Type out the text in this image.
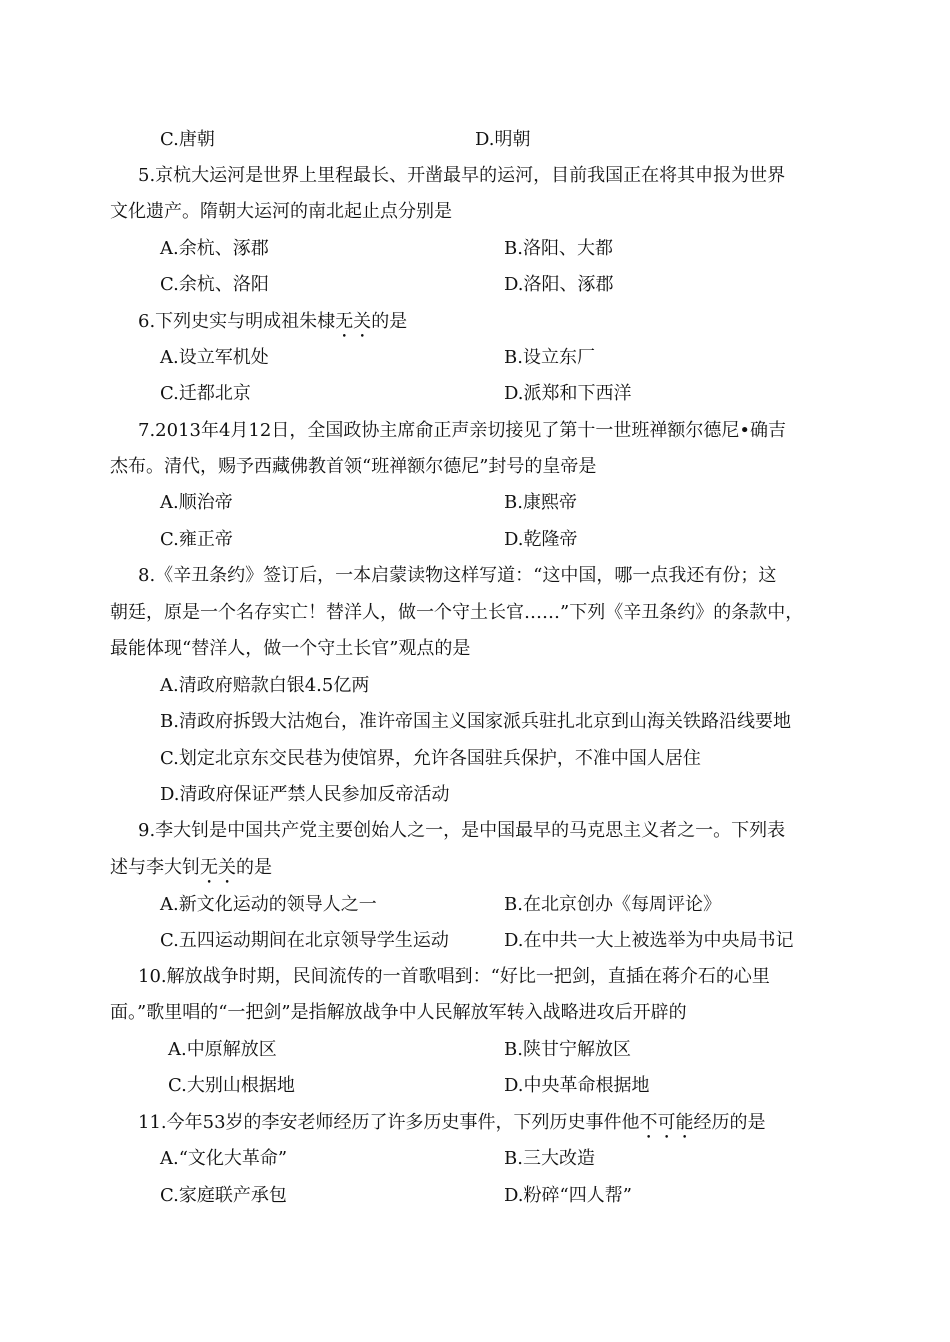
C.唐朝	D.明朝
5.京杭大运河是世界上里程最长、开凿最早的运河，目前我国正在将其申报为世界
文化遗产。隋朝大运河的南北起止点分别是
A.余杭、涿郡	B.洛阳、大都
C.余杭、洛阳	D.洛阳、涿郡
6.下列史实与明成祖朱棣无关的是
A.设立军机处	B.设立东厂
C.迁都北京	D.派郑和下西洋
7.2013年4月12日，全国政协主席俞正声亲切接见了第十一世班禅额尔德尼•确吉
杰布。清代，赐予西藏佛教首领“班禅额尔德尼”封号的皇帝是
A.顺治帝	B.康熙帝
C.雍正帝	D.乾隆帝
8.《辛丑条约》签订后，一本启蒙读物这样写道：“这中国，哪一点我还有份；这
朝廷，原是一个名存实亡！替洋人，做一个守土长官……”下列《辛丑条约》的条款中，
最能体现“替洋人，做一个守土长官”观点的是
A.清政府赔款白银4.5亿两
B.清政府拆毁大沽炮台，准许帝国主义国家派兵驻扎北京到山海关铁路沿线要地
C.划定北京东交民巷为使馆界，允许各国驻兵保护，不准中国人居住
D.清政府保证严禁人民参加反帝活动
9.李大钊是中国共产党主要创始人之一，是中国最早的马克思主义者之一。下列表
述与李大钊无关的是
A.新文化运动的领导人之一	B.在北京创办《每周评论》
C.五四运动期间在北京领导学生运动	D.在中共一大上被选举为中央局书记
10.解放战争时期，民间流传的一首歌唱到：“好比一把剑，直插在蒋介石的心里
面。”歌里唱的“一把剑”是指解放战争中人民解放军转入战略进攻后开辟的
A.中原解放区	B.陕甘宁解放区
C.大别山根据地	D.中央革命根据地
11.今年53岁的李安老师经历了许多历史事件，下列历史事件他不可能经历的是
A.“文化大革命”	B.三大改造
C.家庭联产承包	D.粉碎“四人帮”
